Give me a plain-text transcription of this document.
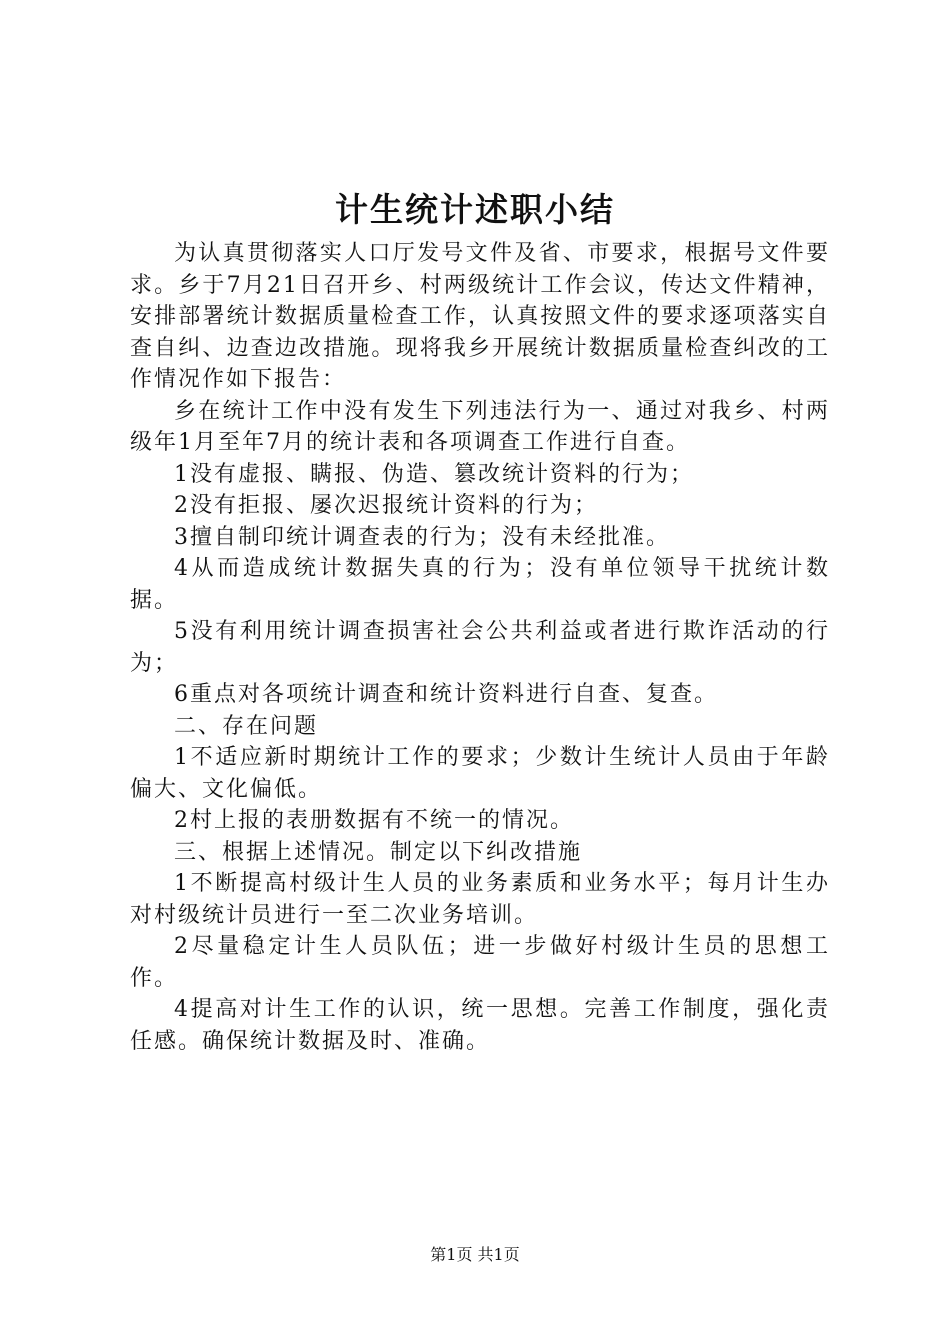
计生统计述职小结

为认真贯彻落实人口厅发号文件及省、市要求，根据号文件要求。乡于7月21日召开乡、村两级统计工作会议，传达文件精神，安排部署统计数据质量检查工作，认真按照文件的要求逐项落实自查自纠、边查边改措施。现将我乡开展统计数据质量检查纠改的工作情况作如下报告：

乡在统计工作中没有发生下列违法行为一、通过对我乡、村两级年1月至年7月的统计表和各项调查工作进行自查。

1没有虚报、瞒报、伪造、篡改统计资料的行为；

2没有拒报、屡次迟报统计资料的行为；

3擅自制印统计调查表的行为；没有未经批准。

4从而造成统计数据失真的行为；没有单位领导干扰统计数据。

5没有利用统计调查损害社会公共利益或者进行欺诈活动的行为；

6重点对各项统计调查和统计资料进行自查、复查。

二、存在问题

1不适应新时期统计工作的要求；少数计生统计人员由于年龄偏大、文化偏低。

2村上报的表册数据有不统一的情况。

三、根据上述情况。制定以下纠改措施

1不断提高村级计生人员的业务素质和业务水平；每月计生办对村级统计员进行一至二次业务培训。

2尽量稳定计生人员队伍；进一步做好村级计生员的思想工作。

4提高对计生工作的认识，统一思想。完善工作制度，强化责任感。确保统计数据及时、准确。

第1页 共1页
